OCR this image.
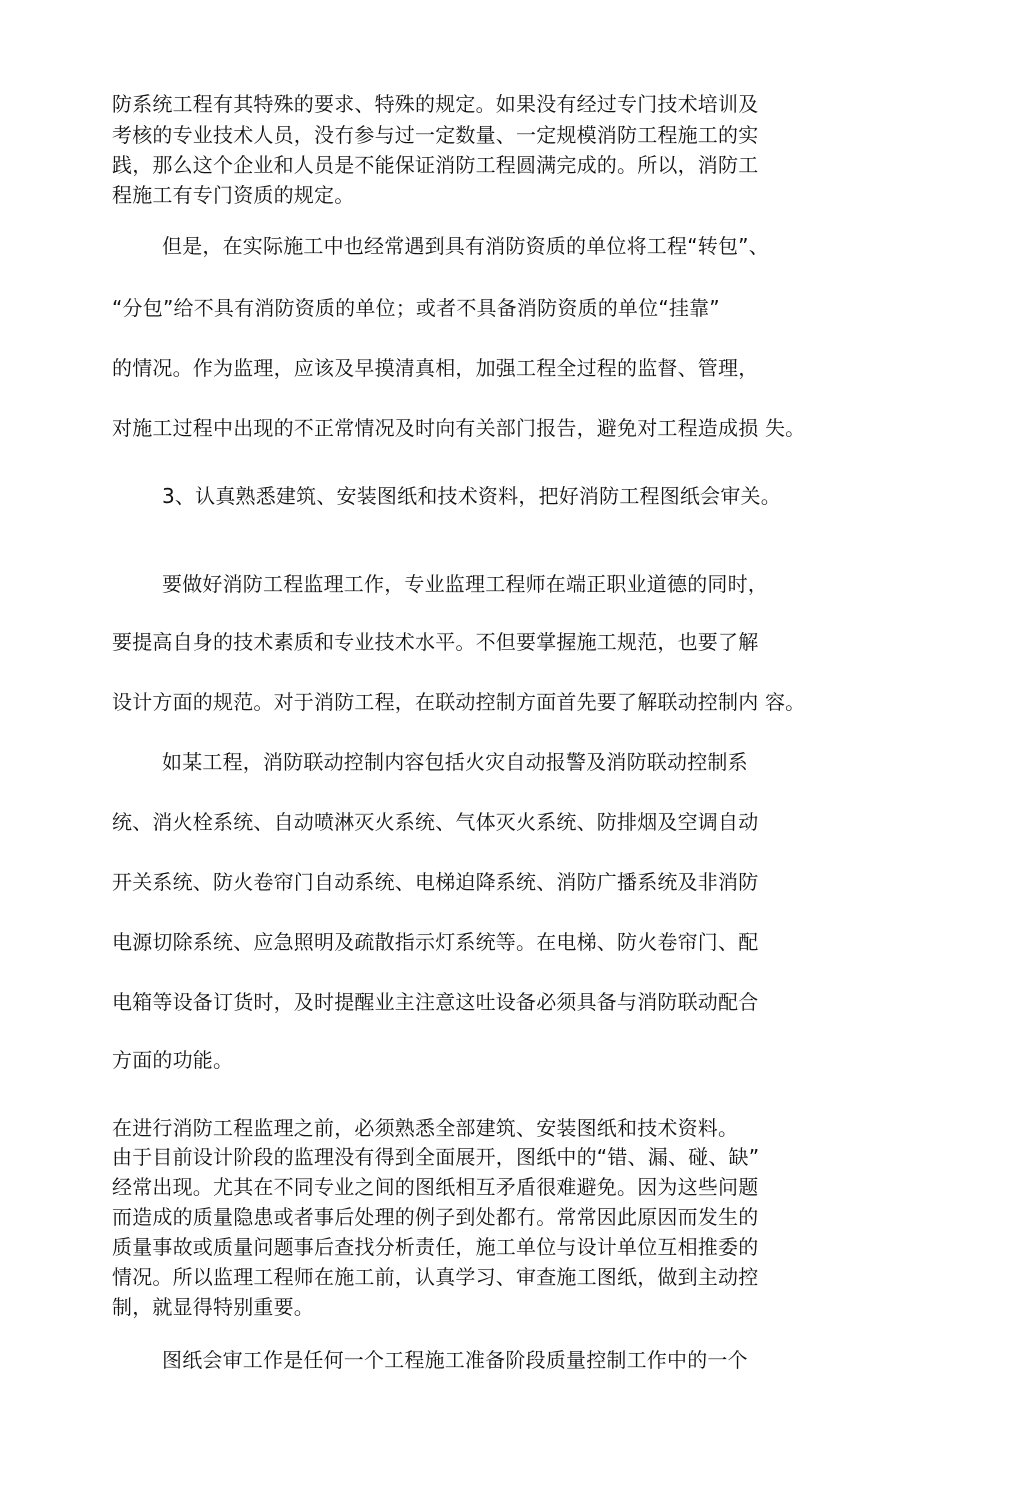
防系统工程有其特殊的要求、特殊的规定。如果没有经过专门技术培训及
考核的专业技术人员，没冇参与过一定数量、一定规模消防工程施工的实
践，那么这个企业和人员是不能保证消防工程圆满完成的。所以，消防工
程施工有专门资质的规定。
但是，在实际施工中也经常遇到具有消防资质的单位将工程“转包”、
“分包”给不具有消防资质的单位；或者不具备消防资质的单位“挂靠”
的情况。作为监理，应该及早摸清真相，加强工程全过程的监督、管理，
对施工过程中出现的不正常情况及时向有关部门报告，避免对工程造成损 失。
3、认真熟悉建筑、安装图纸和技术资料，把好消防工程图纸会审关。
要做好消防工程监理工作，专业监理工程师在端正职业道德的同时，
要提高自身的技术素质和专业技术水平。不但要掌握施工规范，也要了解
设计方面的规范。对于消防工程，在联动控制方面首先要了解联动控制内 容。
如某工程，消防联动控制内容包括火灾自动报警及消防联动控制系
统、消火栓系统、自动喷淋灭火系统、气体灭火系统、防排烟及空调自动
开关系统、防火卷帘门自动系统、电梯迫降系统、消防广播系统及非消防
电源切除系统、应急照明及疏散指示灯系统等。在电梯、防火卷帘门、配
电箱等设备订货时，及时提醒业主注意这吐设备必须具备与消防联动配合
方面的功能。
在进行消防工程监理之前，必须熟悉全部建筑、安装图纸和技术资料。
由于目前设计阶段的监理没有得到全面展开，图纸中的“错、漏、碰、缺”
经常出现。尤其在不同专业之间的图纸相互矛盾很难避免。因为这些问题
而造成的质量隐患或者事后处理的例子到处都冇。常常因此原因而发生的
质量事故或质量问题事后查找分析责任，施工单位与设计单位互相推委的
情况。所以监理工程师在施工前，认真学习、审查施工图纸，做到主动控
制，就显得特别重要。
图纸会审工作是任何一个工程施工准备阶段质量控制工作中的一个
